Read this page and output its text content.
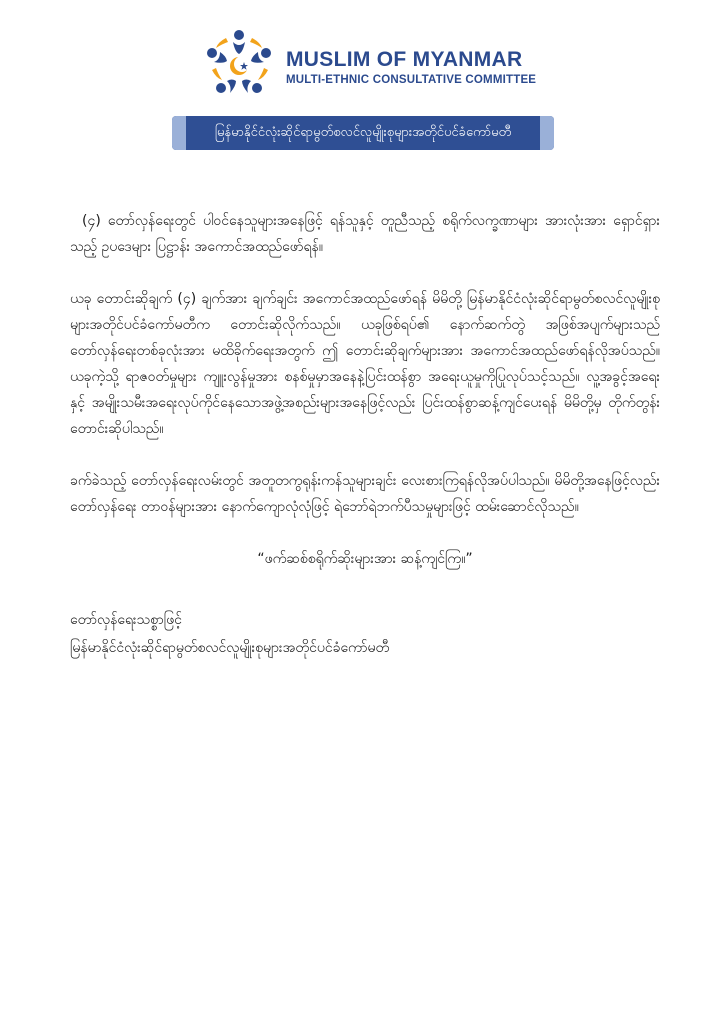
MUSLIM OF MYANMAR
MULTI-ETHNIC CONSULTATIVE COMMITTEE
မြန်မာနိုင်ငံလုံးဆိုင်ရာမွတ်စလင်လူမျိုးစုများအတိုင်ပင်ခံကော်မတီ

(၄) တော်လှန်ရေးတွင် ပါဝင်နေသူများအနေဖြင့် ရန်သူနှင့် တူညီသည့် စရိုက်လက္ခဏာများ အားလုံးအား ရှောင်ရှားသည့် ဥပဒေများ ပြဋ္ဌာန်း အကောင်အထည်ဖော်ရန်။

ယခု တောင်းဆိုချက် (၄) ချက်အား ချက်ချင်း အကောင်အထည်ဖော်ရန် မိမိတို့ မြန်မာနိုင်ငံလုံးဆိုင်ရာမွတ်စလင်လူမျိုးစုများအတိုင်ပင်ခံကော်မတီက တောင်းဆိုလိုက်သည်။ ယခုဖြစ်ရပ်၏ နောက်ဆက်တွဲ အဖြစ်အပျက်များသည် တော်လှန်ရေးတစ်ခုလုံးအား မထိခိုက်ရေးအတွက် ဤ တောင်းဆိုချက်များအား အကောင်အထည်ဖော်ရန်လိုအပ်သည်။ ယခုကဲ့သို့ ရာဇဝတ်မှုများ ကျူးလွန်မှုအား စနစ်မှုမှာအနေနဲ့ပြင်းထန်စွာ အရေးယူမှုကိုပြုလုပ်သင့်သည်။ လူ့အခွင့်အရေးနှင့် အမျိုးသမီးအရေးလုပ်ကိုင်နေသောအဖွဲ့အစည်းများအနေဖြင့်လည်း ပြင်းထန်စွာဆန့်ကျင်ပေးရန် မိမိတို့မှ တိုက်တွန်း တောင်းဆိုပါသည်။

ခက်ခဲသည့် တော်လှန်ရေးလမ်းတွင် အတူတကွရုန်းကန်သူများချင်း လေးစားကြရန်လိုအပ်ပါသည်။ မိမိတို့အနေဖြင့်လည်း တော်လှန်ရေး တာဝန်များအား နောက်ကျောလုံလုံဖြင့် ရဲဘော်ရဲဘက်ပီသမှုများဖြင့် ထမ်းဆောင်လိုသည်။

“ဖက်ဆစ်စရိုက်ဆိုးများအား ဆန့်ကျင်ကြ။”

တော်လှန်ရေးသစ္စာဖြင့်

မြန်မာနိုင်ငံလုံးဆိုင်ရာမွတ်စလင်လူမျိုးစုများအတိုင်ပင်ခံကော်မတီ
